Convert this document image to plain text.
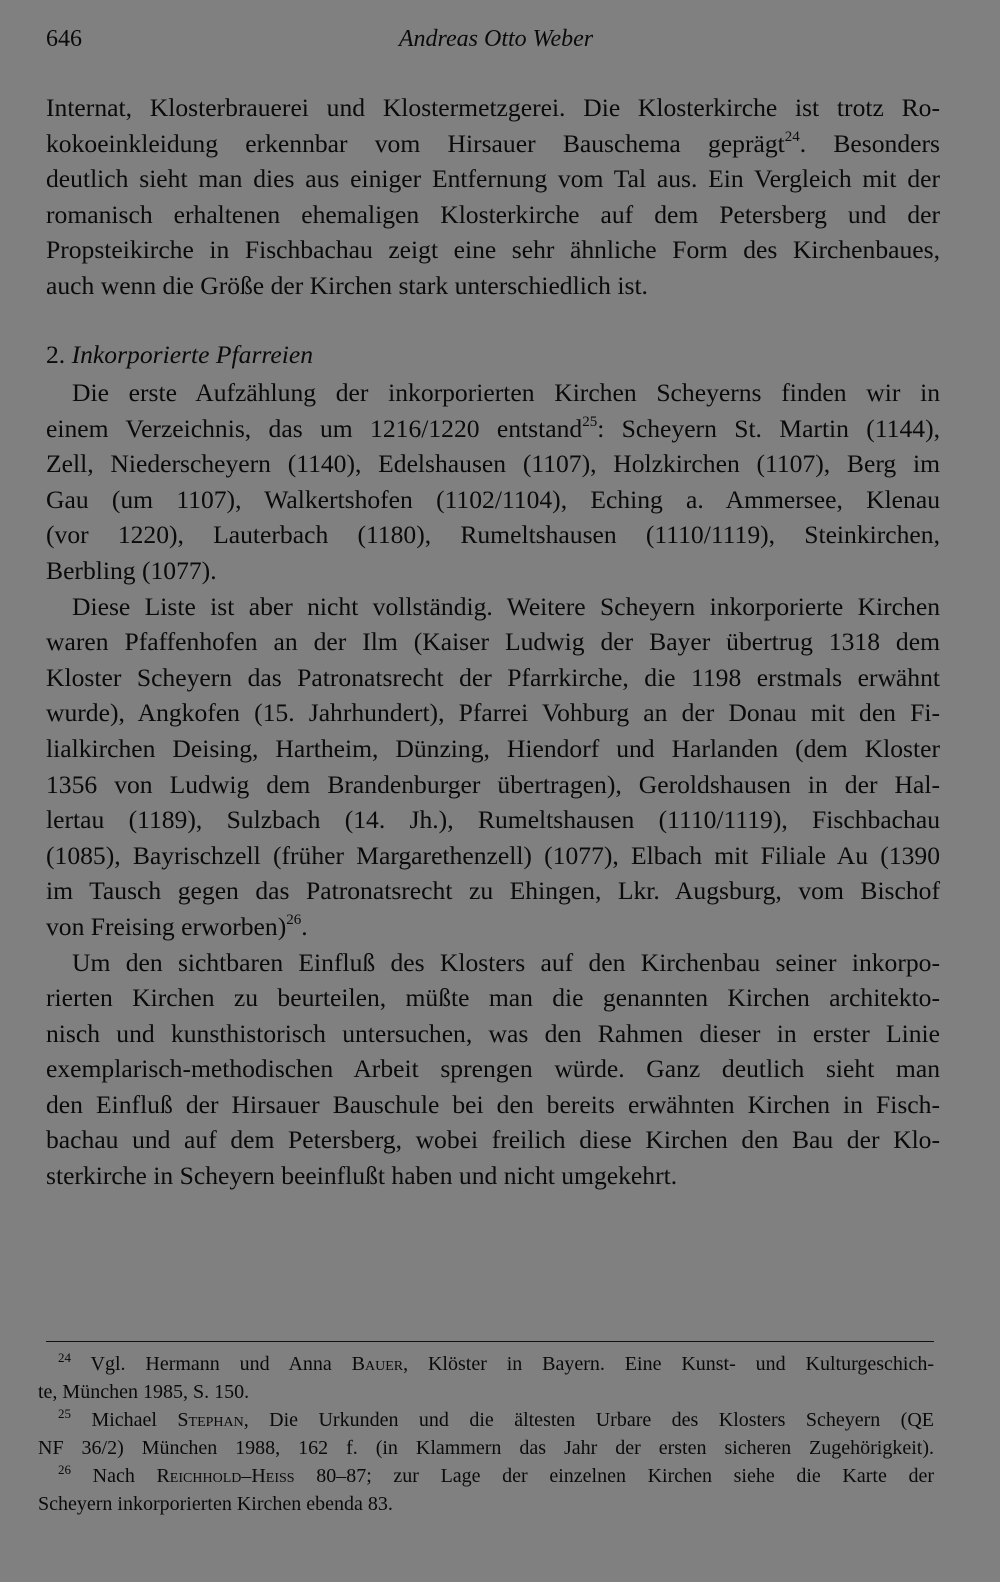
646	Andreas Otto Weber
Internat, Klosterbrauerei und Klostermetzgerei. Die Klosterkirche ist trotz Ro-
kokoeinkleidung erkennbar vom Hirsauer Bauschema geprägt$^{24}$. Besonders
deutlich sieht man dies aus einiger Entfernung vom Tal aus. Ein Vergleich mit der
romanisch erhaltenen ehemaligen Klosterkirche auf dem Petersberg und der
Propsteikirche in Fischbachau zeigt eine sehr ähnliche Form des Kirchenbaues,
auch wenn die Größe der Kirchen stark unterschiedlich ist.
2. Inkorporierte Pfarreien
Die erste Aufzählung der inkorporierten Kirchen Scheyerns finden wir in
einem Verzeichnis, das um 1216/1220 entstand$^{25}$: Scheyern St. Martin (1144),
Zell, Niederscheyern (1140), Edelshausen (1107), Holzkirchen (1107), Berg im
Gau (um 1107), Walkertshofen (1102/1104), Eching a. Ammersee, Klenau
(vor 1220), Lauterbach (1180), Rumeltshausen (1110/1119), Steinkirchen,
Berbling (1077).
Diese Liste ist aber nicht vollständig. Weitere Scheyern inkorporierte Kirchen
waren Pfaffenhofen an der Ilm (Kaiser Ludwig der Bayer übertrug 1318 dem
Kloster Scheyern das Patronatsrecht der Pfarrkirche, die 1198 erstmals erwähnt
wurde), Angkofen (15. Jahrhundert), Pfarrei Vohburg an der Donau mit den Fi-
lialkirchen Deising, Hartheim, Dünzing, Hiendorf und Harlanden (dem Kloster
1356 von Ludwig dem Brandenburger übertragen), Geroldshausen in der Hal-
lertau (1189), Sulzbach (14. Jh.), Rumeltshausen (1110/1119), Fischbachau
(1085), Bayrischzell (früher Margarethenzell) (1077), Elbach mit Filiale Au (1390
im Tausch gegen das Patronatsrecht zu Ehingen, Lkr. Augsburg, vom Bischof
von Freising erworben)$^{26}$.
Um den sichtbaren Einfluß des Klosters auf den Kirchenbau seiner inkorpo-
rierten Kirchen zu beurteilen, müßte man die genannten Kirchen architekto-
nisch und kunsthistorisch untersuchen, was den Rahmen dieser in erster Linie
exemplarisch-methodischen Arbeit sprengen würde. Ganz deutlich sieht man
den Einfluß der Hirsauer Bauschule bei den bereits erwähnten Kirchen in Fisch-
bachau und auf dem Petersberg, wobei freilich diese Kirchen den Bau der Klo-
sterkirche in Scheyern beeinflußt haben und nicht umgekehrt.
$^{24}$ Vgl. Hermann und Anna Bauer, Klöster in Bayern. Eine Kunst- und Kulturgeschich-
te, München 1985, S. 150.
$^{25}$ Michael Stephan, Die Urkunden und die ältesten Urbare des Klosters Scheyern (QE
NF 36/2) München 1988, 162 f. (in Klammern das Jahr der ersten sicheren Zugehörigkeit).
$^{26}$ Nach Reichhold–Heiss 80–87; zur Lage der einzelnen Kirchen siehe die Karte der
Scheyern inkorporierten Kirchen ebenda 83.
